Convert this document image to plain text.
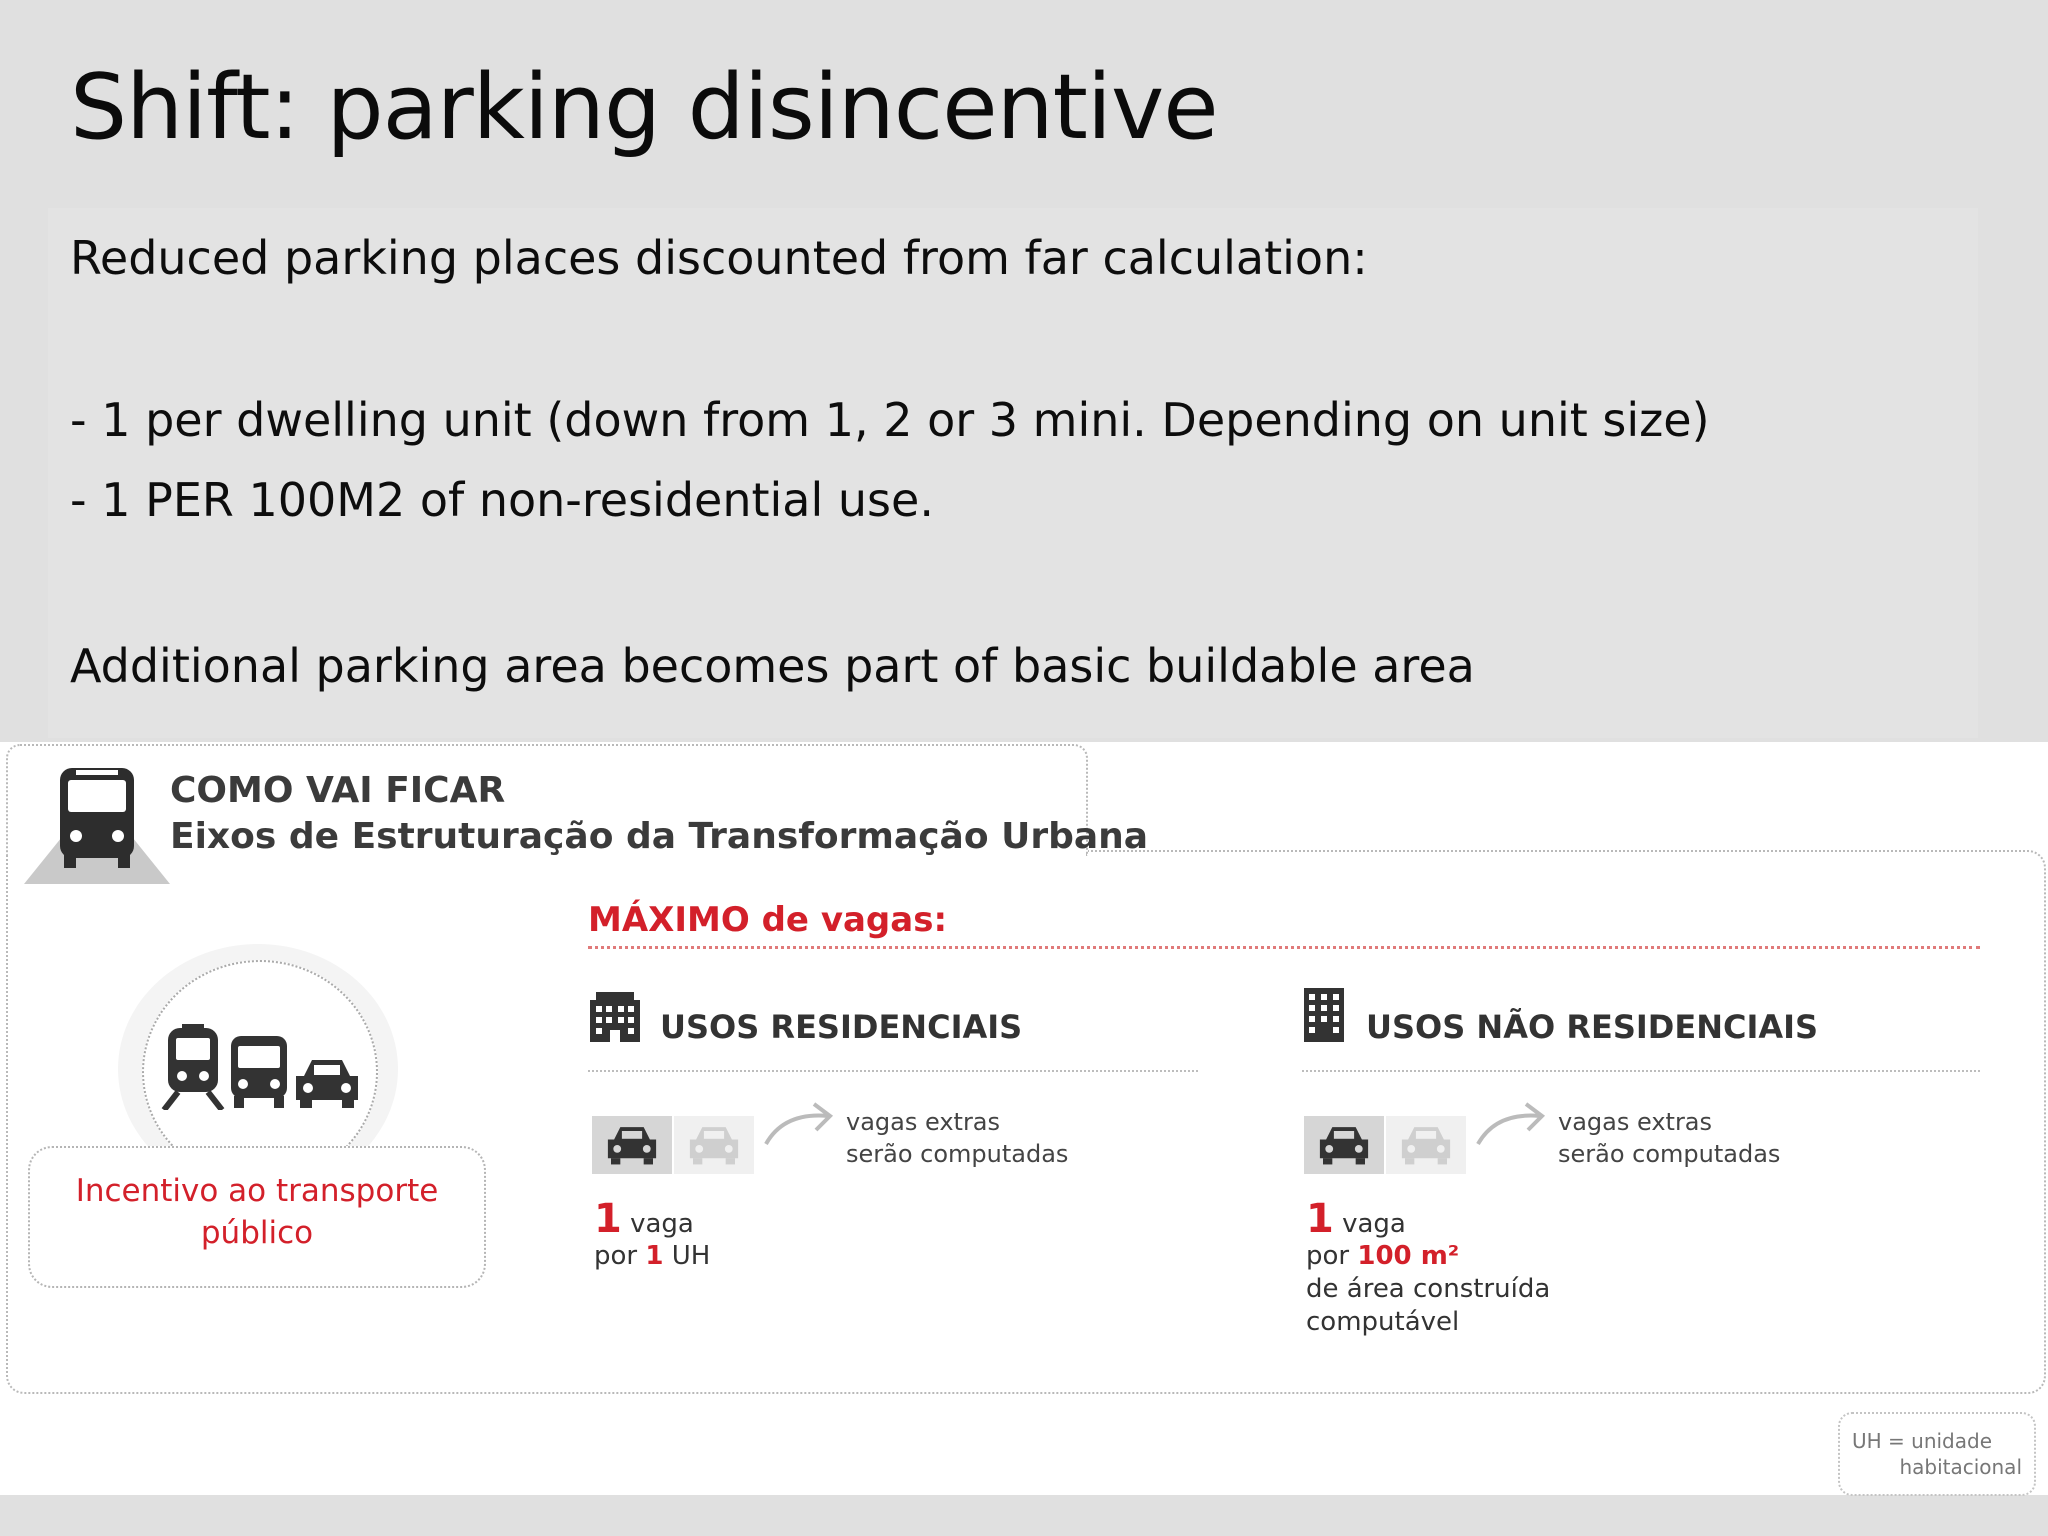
Shift: parking disincentive
Reduced parking places discounted from far calculation:
- 1 per dwelling unit (down from 1, 2 or 3 mini. Depending on unit size)
- 1 PER 100M2 of non-residential use.
Additional parking area becomes part of basic buildable area
COMO VAI FICAR
Eixos de Estruturação da Transformação Urbana
Incentivo ao transporte
público
MÁXIMO de vagas:
USOS RESIDENCIAIS
vagas extras
serão computadas
1 vaga
por 1 UH
USOS NÃO RESIDENCIAIS
vagas extras
serão computadas
1 vaga
por 100 m²
de área construída
computável
UH = unidade
habitacional
